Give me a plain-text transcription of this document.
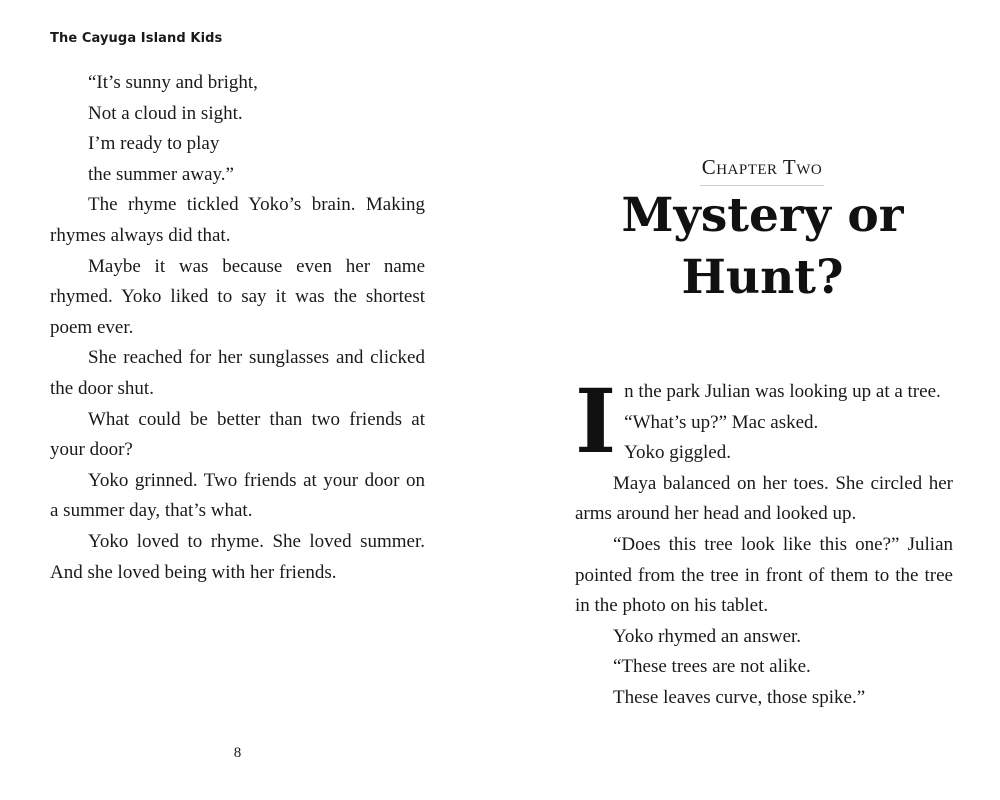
The Cayuga Island Kids

“It’s sunny and bright,

Not a cloud in sight.

I’m ready to play

the summer away.”

The rhyme tickled Yoko’s brain. Making rhymes always did that.

Maybe it was because even her name rhymed. Yoko liked to say it was the shortest poem ever.

She reached for her sunglasses and clicked the door shut.

What could be better than two friends at your door?

Yoko grinned. Two friends at your door on a summer day, that’s what.

Yoko loved to rhyme. She loved summer. And she loved being with her friends.

8
Chapter Two
Mystery or
Hunt?
I n the park Julian was looking up at a tree.

“What’s up?” Mac asked.

Yoko giggled.

Maya balanced on her toes. She circled her arms around her head and looked up.

“Does this tree look like this one?” Julian pointed from the tree in front of them to the tree in the photo on his tablet.

Yoko rhymed an answer.

“These trees are not alike.

These leaves curve, those spike.”
